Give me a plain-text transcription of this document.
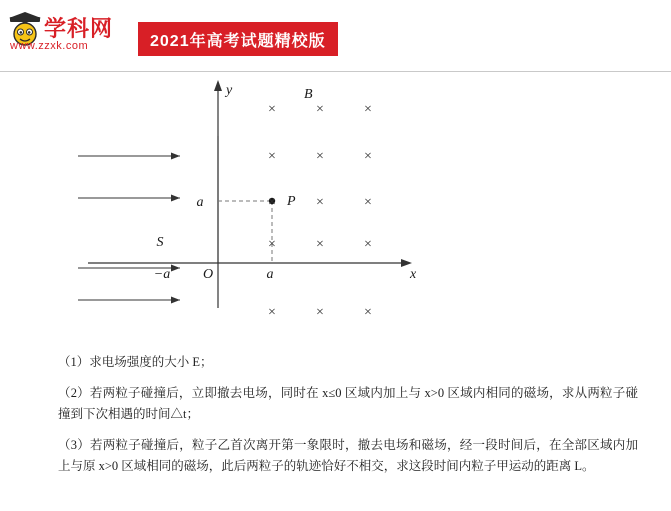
学科网
www.zzxk.com	2021年高考试题精校版
×	×	×
×	×	×
×	×	×
×	×	×
×	×	×
B
P
a
a
O
−a
S
x
y
（1）求电场强度的大小 E；
（2）若两粒子碰撞后，立即撤去电场，同时在 x≤0 区域内加上与 x>0 区域内相同的磁场，求从两粒子碰撞到下次相遇的时间△t；
（3）若两粒子碰撞后，粒子乙首次离开第一象限时，撤去电场和磁场，经一段时间后，在全部区域内加上与原 x>0 区域相同的磁场，此后两粒子的轨迹恰好不相交，求这段时间内粒子甲运动的距离 L。
